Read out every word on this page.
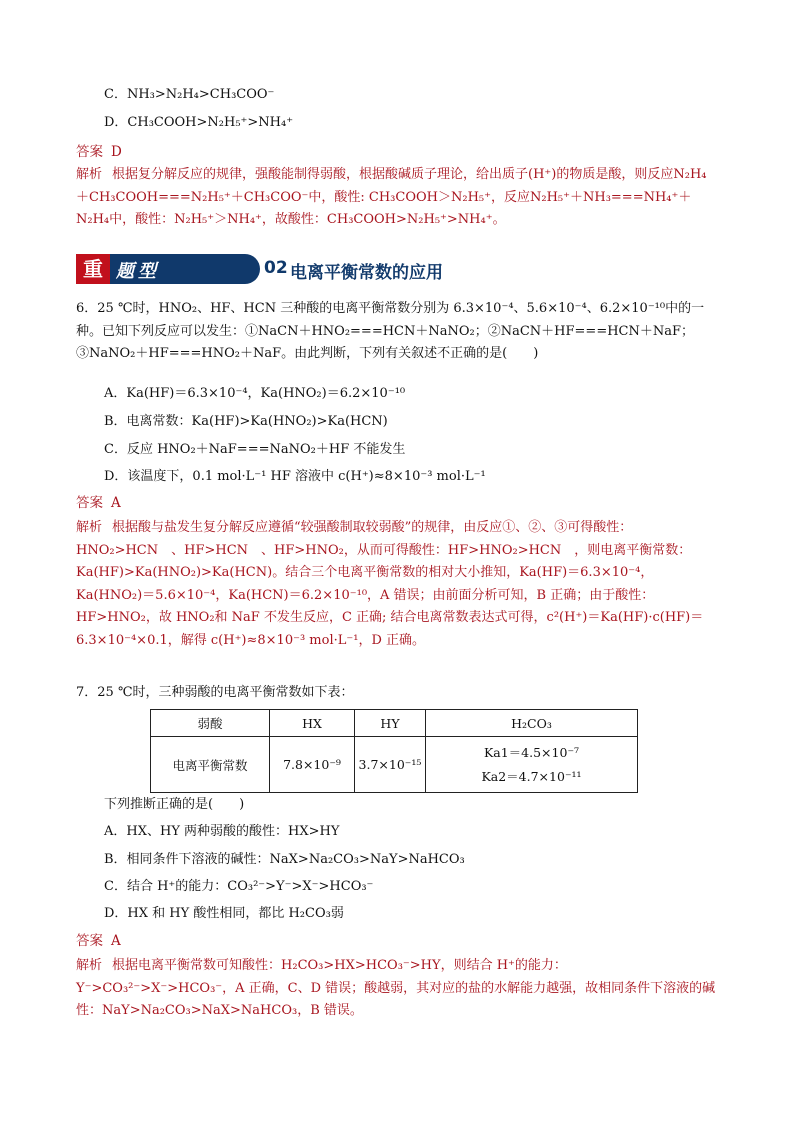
C．NH₃>N₂H₄>CH₃COO⁻
D．CH₃COOH>N₂H₅⁺>NH₄⁺
答案 D
解析 根据复分解反应的规律，强酸能制得弱酸，根据酸碱质子理论，给出质子(H⁺)的物质是酸，则反应N₂H₄＋CH₃COOH===N₂H₅⁺＋CH₃COO⁻中，酸性: CH₃COOH＞N₂H₅⁺，反应N₂H₅⁺＋NH₃===NH₄⁺＋N₂H₄中，酸性：N₂H₅⁺＞NH₄⁺，故酸性：CH₃COOH>N₂H₅⁺>NH₄⁺。
重 题型	02 电离平衡常数的应用
6．25 ℃时，HNO₂、HF、HCN 三种酸的电离平衡常数分别为 6.3×10⁻⁴、5.6×10⁻⁴、6.2×10⁻¹⁰中的一种。已知下列反应可以发生：①NaCN＋HNO₂===HCN＋NaNO₂；②NaCN＋HF===HCN＋NaF；③NaNO₂＋HF===HNO₂＋NaF。由此判断，下列有关叙述不正确的是(　　)
A．Ka(HF)＝6.3×10⁻⁴，Ka(HNO₂)＝6.2×10⁻¹⁰
B．电离常数：Ka(HF)>Ka(HNO₂)>Ka(HCN)
C．反应 HNO₂＋NaF===NaNO₂＋HF 不能发生
D．该温度下，0.1 mol·L⁻¹ HF 溶液中 c(H⁺)≈8×10⁻³ mol·L⁻¹
答案 A
解析 根据酸与盐发生复分解反应遵循“较强酸制取较弱酸”的规律，由反应①、②、③可得酸性：HNO₂>HCN　、HF>HCN　、HF>HNO₂，从而可得酸性：HF>HNO₂>HCN　，则电离平衡常数：Ka(HF)>Ka(HNO₂)>Ka(HCN)。结合三个电离平衡常数的相对大小推知，Ka(HF)＝6.3×10⁻⁴，Ka(HNO₂)＝5.6×10⁻⁴，Ka(HCN)＝6.2×10⁻¹⁰，A 错误；由前面分析可知，B 正确；由于酸性：HF>HNO₂，故 HNO₂和 NaF 不发生反应，C 正确; 结合电离常数表达式可得，c²(H⁺)＝Ka(HF)·c(HF)＝6.3×10⁻⁴×0.1，解得 c(H⁺)≈8×10⁻³ mol·L⁻¹，D 正确。
7．25 ℃时，三种弱酸的电离平衡常数如下表：
弱酸	HX	HY	H₂CO₃
电离平衡常数	7.8×10⁻⁹	3.7×10⁻¹⁵	Ka1＝4.5×10⁻⁷
Ka2＝4.7×10⁻¹¹
下列推断正确的是(　　)
A．HX、HY 两种弱酸的酸性：HX>HY
B．相同条件下溶液的碱性：NaX>Na₂CO₃>NaY>NaHCO₃
C．结合 H⁺的能力：CO₃²⁻>Y⁻>X⁻>HCO₃⁻
D．HX 和 HY 酸性相同，都比 H₂CO₃弱
答案 A
解析 根据电离平衡常数可知酸性：H₂CO₃>HX>HCO₃⁻>HY，则结合 H⁺的能力：Y⁻>CO₃²⁻>X⁻>HCO₃⁻，A 正确，C、D 错误；酸越弱，其对应的盐的水解能力越强，故相同条件下溶液的碱性：NaY>Na₂CO₃>NaX>NaHCO₃，B 错误。
